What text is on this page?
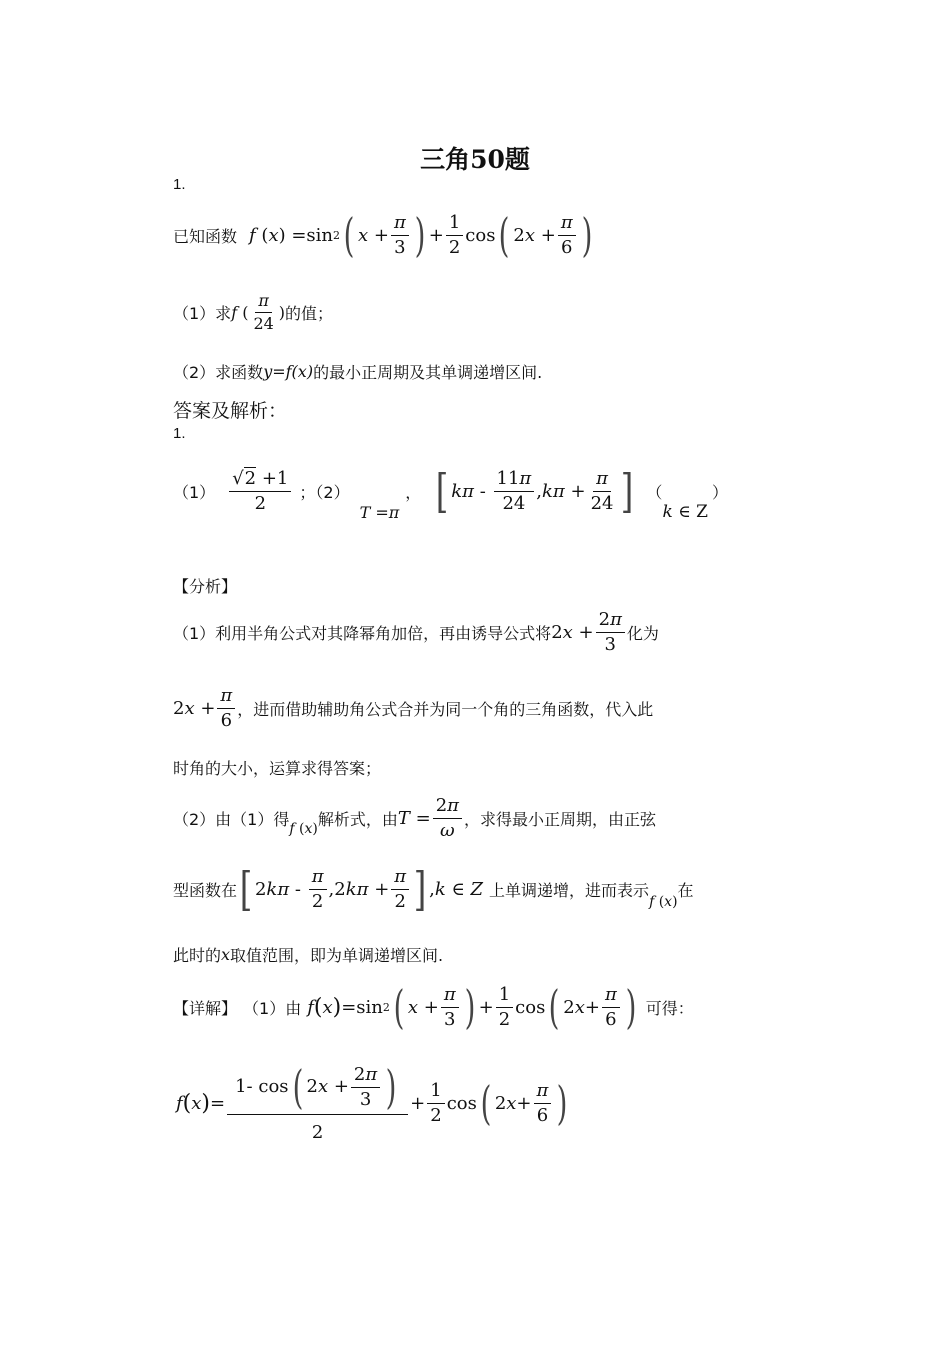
三角50题
1.
已知函数 f ( x ) =sin 2 ( $x + \frac{\pi}{3}$ ) + $\frac{1}{2}$ cos ( 2 $x + \frac{\pi}{6}$ )
（1）求 f ( $\frac{\pi}{24}$ ) 的值；
（2）求函数 y=f(x) 的最小正周期及其单调递增区间.
答案及解析：
1.
$(1) \frac{√2 +1}{2}$ ；（2）
T = π
， [ kπ - $\frac{11\pi}{24}$ , $k\pi + \frac{\pi}{24}$ ] （
k ∈ Z
）
【分析】
（1）利用半角公式对其降幂角加倍，再由诱导公式将 2 $x + \frac{2\pi}{3}$ 化为
2 $x + \frac{\pi}{6}$ ，进而借助辅助角公式合并为同一个角的三角函数，代入此
时角的大小，运算求得答案；
（2）由（1）得
f ( x )
解析式，由 $T = \frac{2\pi}{\omega}$ ，求得最小正周期，由正弦
型函数在 [ 2 kπ - $\frac{\pi}{2} ,2$ $k\pi + \frac{\pi}{2}$ ] , k ∈ Z 上单调递增，进而表示
f ( x )
在
此时的 x 取值范围，即为单调递增区间.
【详解】 （1）由 f ( x ) =sin 2 ( $x + \frac{\pi}{3}$ ) + $\frac{1}{2}$ cos ( 2 $x + \frac{\pi}{6}$ ) 可得：
f ( x ) = $\frac{1- \cos ( 2 x + \frac{2\pi}{3} )}{2} + \frac{1}{2}$ cos ( 2 $x + \frac{\pi}{6}$ )
